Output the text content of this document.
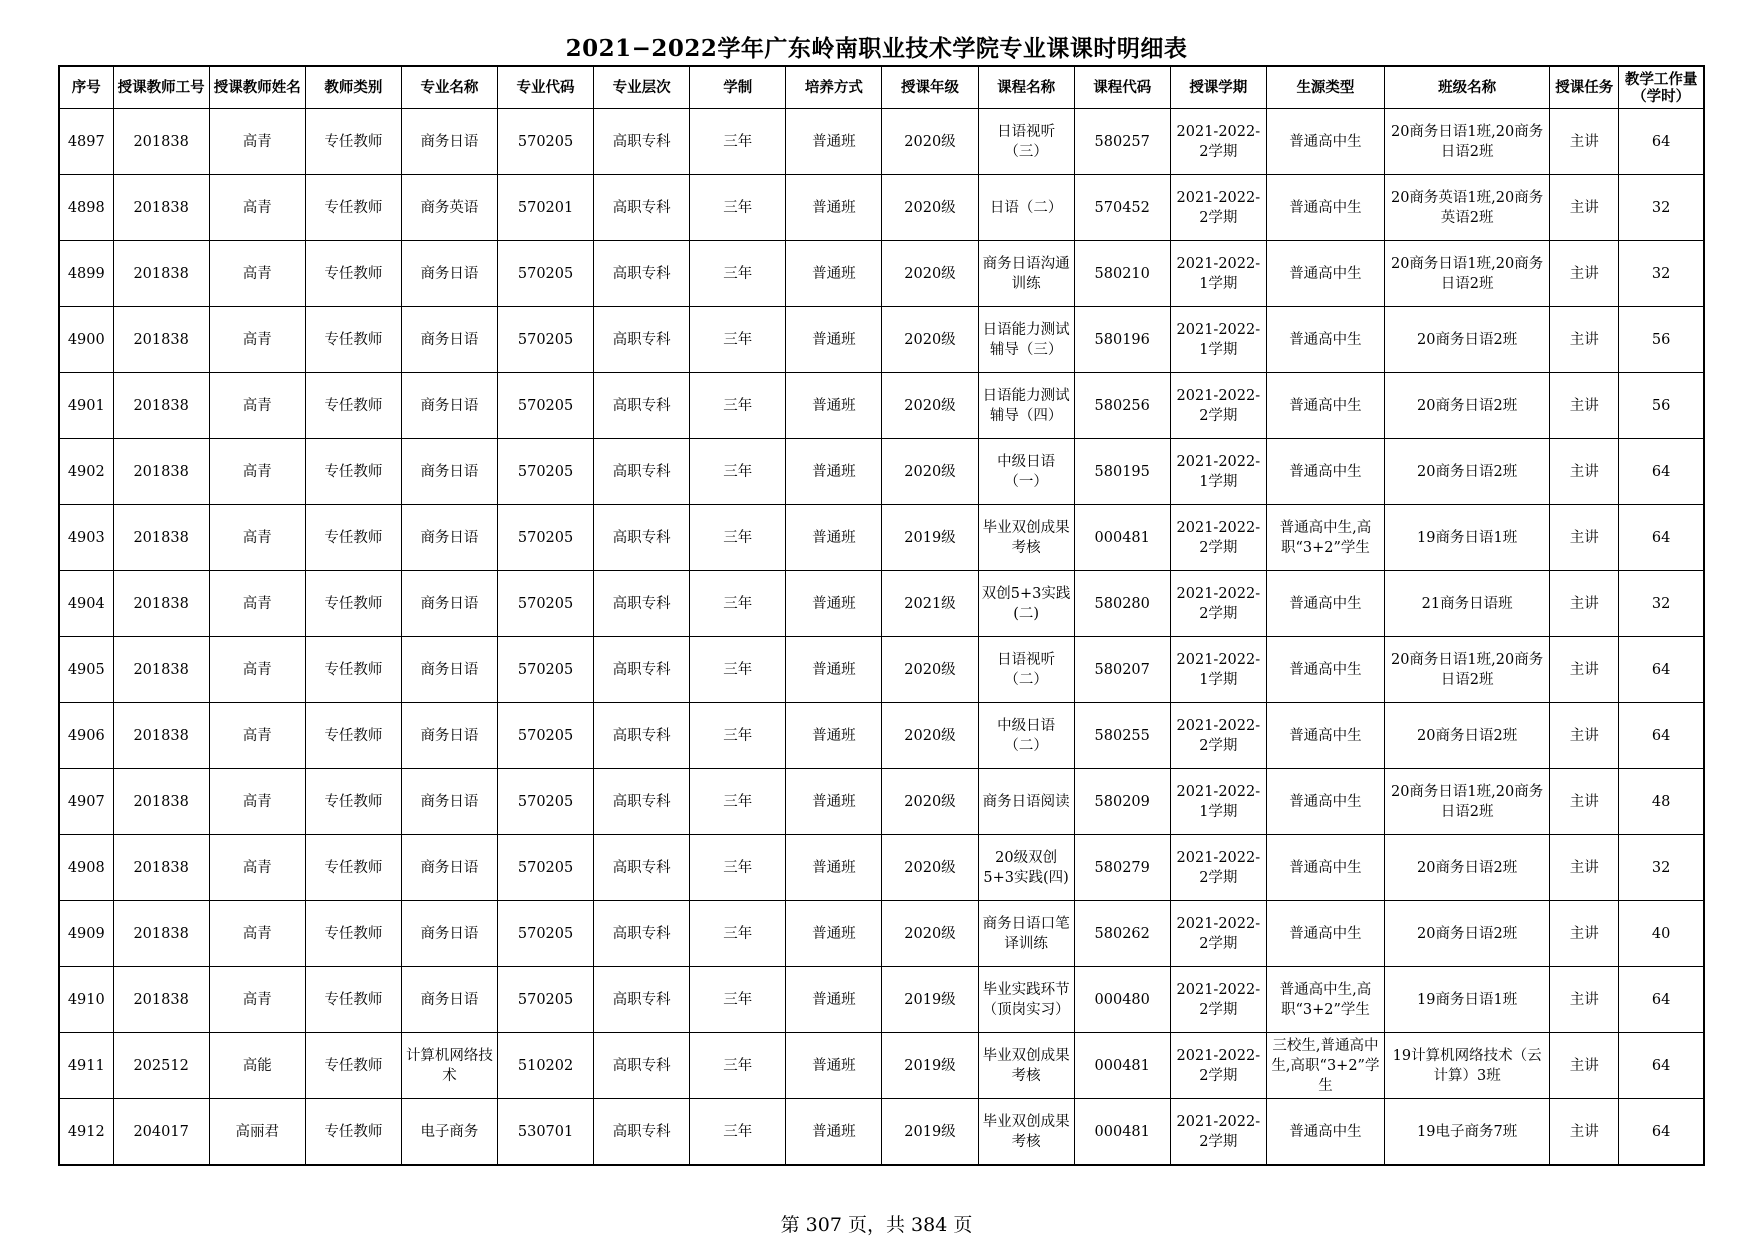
2021−2022学年广东岭南职业技术学院专业课课时明细表
序号	授课教师工号	授课教师姓名	教师类别	专业名称	专业代码	专业层次	学制	培养方式	授课年级	课程名称	课程代码	授课学期	生源类型	班级名称	授课任务	教学工作量（学时）
4897	201838	高青	专任教师	商务日语	570205	高职专科	三年	普通班	2020级	日语视听（三）	580257	2021-2022-2学期	普通高中生	20商务日语1班,20商务日语2班	主讲	64
4898	201838	高青	专任教师	商务英语	570201	高职专科	三年	普通班	2020级	日语（二）	570452	2021-2022-2学期	普通高中生	20商务英语1班,20商务英语2班	主讲	32
4899	201838	高青	专任教师	商务日语	570205	高职专科	三年	普通班	2020级	商务日语沟通训练	580210	2021-2022-1学期	普通高中生	20商务日语1班,20商务日语2班	主讲	32
4900	201838	高青	专任教师	商务日语	570205	高职专科	三年	普通班	2020级	日语能力测试辅导（三）	580196	2021-2022-1学期	普通高中生	20商务日语2班	主讲	56
4901	201838	高青	专任教师	商务日语	570205	高职专科	三年	普通班	2020级	日语能力测试辅导（四）	580256	2021-2022-2学期	普通高中生	20商务日语2班	主讲	56
4902	201838	高青	专任教师	商务日语	570205	高职专科	三年	普通班	2020级	中级日语（一）	580195	2021-2022-1学期	普通高中生	20商务日语2班	主讲	64
4903	201838	高青	专任教师	商务日语	570205	高职专科	三年	普通班	2019级	毕业双创成果考核	000481	2021-2022-2学期	普通高中生,高职“3+2”学生	19商务日语1班	主讲	64
4904	201838	高青	专任教师	商务日语	570205	高职专科	三年	普通班	2021级	双创5+3实践(二)	580280	2021-2022-2学期	普通高中生	21商务日语班	主讲	32
4905	201838	高青	专任教师	商务日语	570205	高职专科	三年	普通班	2020级	日语视听（二）	580207	2021-2022-1学期	普通高中生	20商务日语1班,20商务日语2班	主讲	64
4906	201838	高青	专任教师	商务日语	570205	高职专科	三年	普通班	2020级	中级日语（二）	580255	2021-2022-2学期	普通高中生	20商务日语2班	主讲	64
4907	201838	高青	专任教师	商务日语	570205	高职专科	三年	普通班	2020级	商务日语阅读	580209	2021-2022-1学期	普通高中生	20商务日语1班,20商务日语2班	主讲	48
4908	201838	高青	专任教师	商务日语	570205	高职专科	三年	普通班	2020级	20级双创5+3实践(四)	580279	2021-2022-2学期	普通高中生	20商务日语2班	主讲	32
4909	201838	高青	专任教师	商务日语	570205	高职专科	三年	普通班	2020级	商务日语口笔译训练	580262	2021-2022-2学期	普通高中生	20商务日语2班	主讲	40
4910	201838	高青	专任教师	商务日语	570205	高职专科	三年	普通班	2019级	毕业实践环节（顶岗实习）	000480	2021-2022-2学期	普通高中生,高职“3+2”学生	19商务日语1班	主讲	64
4911	202512	高能	专任教师	计算机网络技术	510202	高职专科	三年	普通班	2019级	毕业双创成果考核	000481	2021-2022-2学期	三校生,普通高中生,高职“3+2”学生	19计算机网络技术（云计算）3班	主讲	64
4912	204017	高丽君	专任教师	电子商务	530701	高职专科	三年	普通班	2019级	毕业双创成果考核	000481	2021-2022-2学期	普通高中生	19电子商务7班	主讲	64
第 307 页，共 384 页
